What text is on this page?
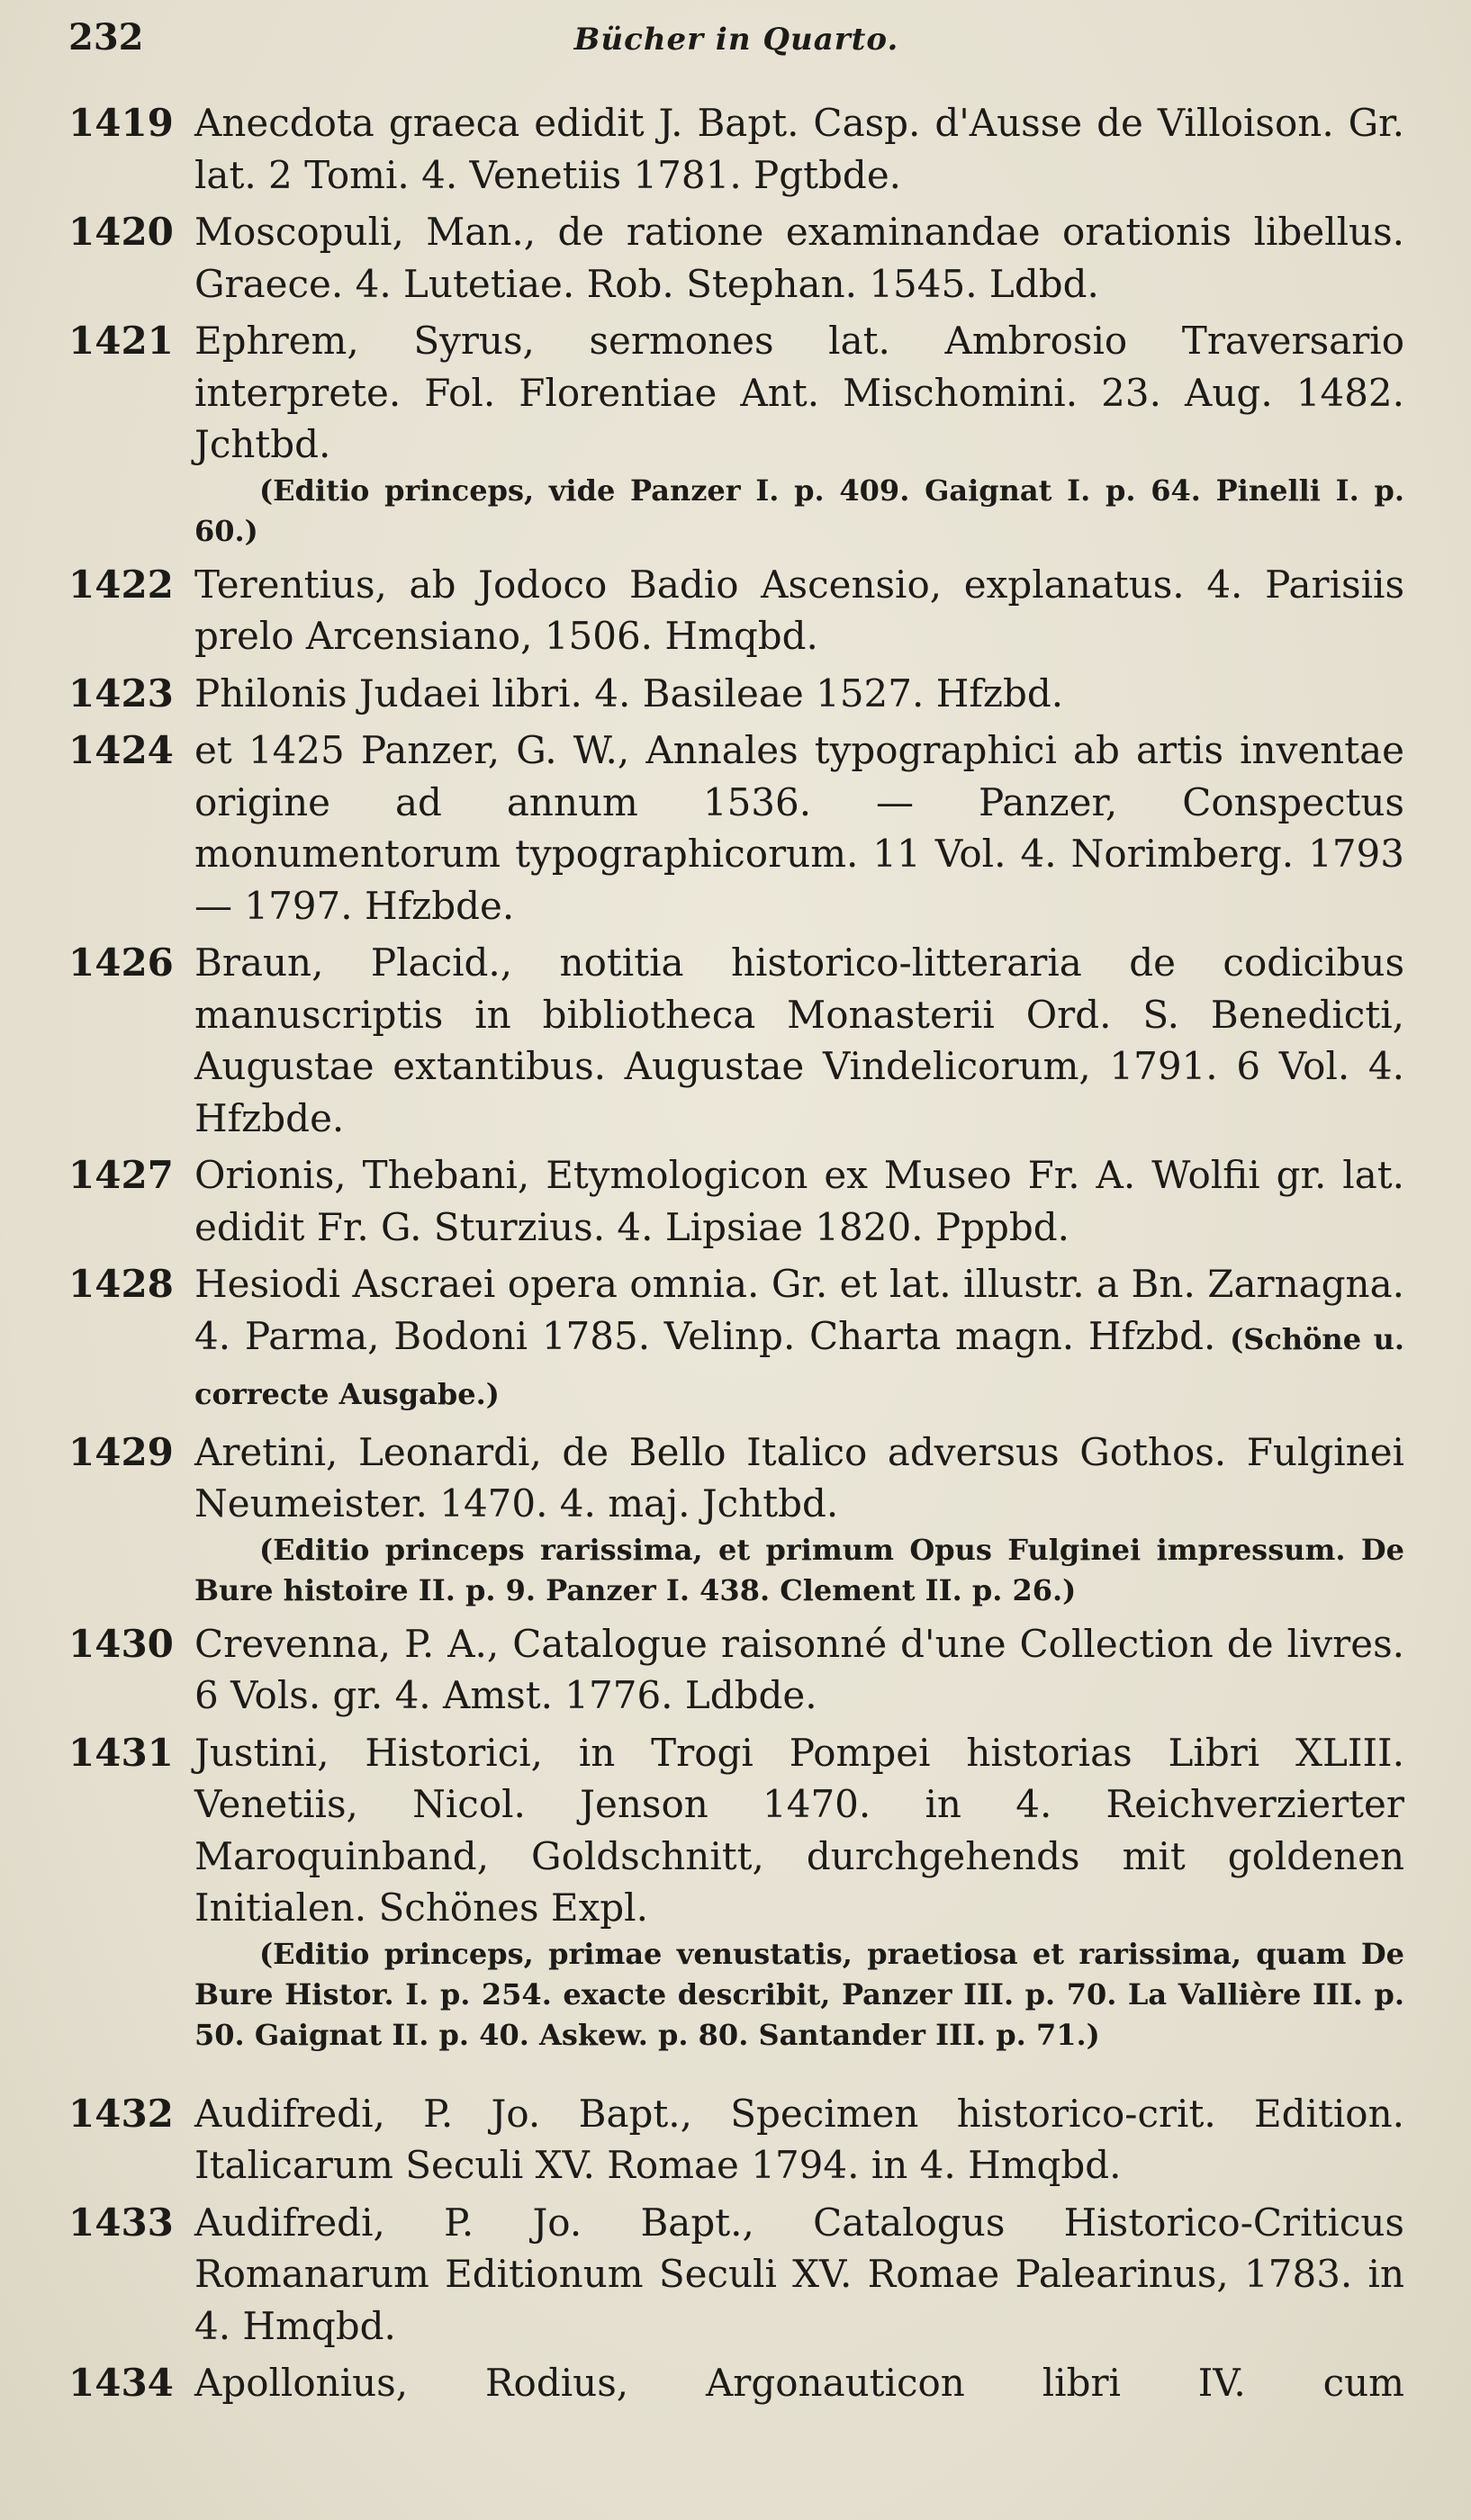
232	Bücher in Quarto.
1419 Anecdota graeca edidit J. Bapt. Casp. d'Ausse de Villoison. Gr. lat. 2 Tomi. 4. Venetiis 1781. Pgtbde.
1420 Moscopuli, Man., de ratione examinandae orationis libellus. Graece. 4. Lutetiae. Rob. Stephan. 1545. Ldbd.
1421 Ephrem, Syrus, sermones lat. Ambrosio Traversario interprete. Fol. Florentiae Ant. Mischomini. 23. Aug. 1482. Jchtbd.
(Editio princeps, vide Panzer I. p. 409. Gaignat I. p. 64. Pinelli I. p. 60.)
1422 Terentius, ab Jodoco Badio Ascensio, explanatus. 4. Parisiis prelo Arcensiano, 1506. Hmqbd.
1423 Philonis Judaei libri. 4. Basileae 1527. Hfzbd.
1424 et 1425 Panzer, G. W., Annales typographici ab artis inventae origine ad annum 1536. — Panzer, Conspectus monumentorum typographicorum. 11 Vol. 4. Norimberg. 1793 — 1797. Hfzbde.
1426 Braun, Placid., notitia historico-litteraria de codicibus manuscriptis in bibliotheca Monasterii Ord. S. Benedicti, Augustae extantibus. Augustae Vindelicorum, 1791. 6 Vol. 4. Hfzbde.
1427 Orionis, Thebani, Etymologicon ex Museo Fr. A. Wolfii gr. lat. edidit Fr. G. Sturzius. 4. Lipsiae 1820. Pppbd.
1428 Hesiodi Ascraei opera omnia. Gr. et lat. illustr. a Bn. Zarnagna. 4. Parma, Bodoni 1785. Velinp. Charta magn. Hfzbd. (Schöne u. correcte Ausgabe.)
1429 Aretini, Leonardi, de Bello Italico adversus Gothos. Fulginei Neumeister. 1470. 4. maj. Jchtbd.
(Editio princeps rarissima, et primum Opus Fulginei impressum. De Bure histoire II. p. 9. Panzer I. 438. Clement II. p. 26.)
1430 Crevenna, P. A., Catalogue raisonné d'une Collection de livres. 6 Vols. gr. 4. Amst. 1776. Ldbde.
1431 Justini, Historici, in Trogi Pompei historias Libri XLIII. Venetiis, Nicol. Jenson 1470. in 4. Reichverzierter Maroquinband, Goldschnitt, durchgehends mit goldenen Initialen. Schönes Expl.
(Editio princeps, primae venustatis, praetiosa et rarissima, quam De Bure Histor. I. p. 254. exacte describit, Panzer III. p. 70. La Vallière III. p. 50. Gaignat II. p. 40. Askew. p. 80. Santander III. p. 71.)
1432 Audifredi, P. Jo. Bapt., Specimen historico-crit. Edition. Italicarum Seculi XV. Romae 1794. in 4. Hmqbd.
1433 Audifredi, P. Jo. Bapt., Catalogus Historico-Criticus Romanarum Editionum Seculi XV. Romae Palearinus, 1783. in 4. Hmqbd.
1434 Apollonius, Rodius, Argonauticon libri IV. cum
